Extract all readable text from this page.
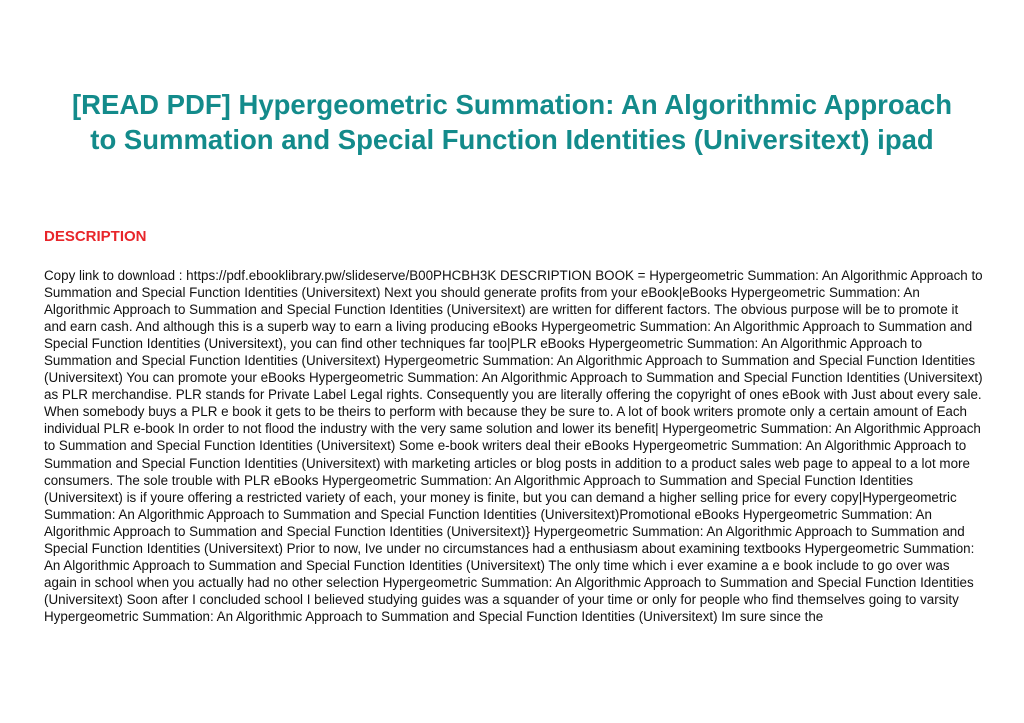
[READ PDF] Hypergeometric Summation: An Algorithmic Approach to Summation and Special Function Identities (Universitext) ipad
DESCRIPTION

Copy link to download : https://pdf.ebooklibrary.pw/slideserve/B00PHCBH3K DESCRIPTION BOOK = Hypergeometric Summation: An Algorithmic Approach to Summation and Special Function Identities (Universitext) Next you should generate profits from your eBook|eBooks Hypergeometric Summation: An Algorithmic Approach to Summation and Special Function Identities (Universitext) are written for different factors. The obvious purpose will be to promote it and earn cash. And although this is a superb way to earn a living producing eBooks Hypergeometric Summation: An Algorithmic Approach to Summation and Special Function Identities (Universitext), you can find other techniques far too|PLR eBooks Hypergeometric Summation: An Algorithmic Approach to Summation and Special Function Identities (Universitext) Hypergeometric Summation: An Algorithmic Approach to Summation and Special Function Identities (Universitext) You can promote your eBooks Hypergeometric Summation: An Algorithmic Approach to Summation and Special Function Identities (Universitext) as PLR merchandise. PLR stands for Private Label Legal rights. Consequently you are literally offering the copyright of ones eBook with Just about every sale. When somebody buys a PLR e book it gets to be theirs to perform with because they be sure to. A lot of book writers promote only a certain amount of Each individual PLR e-book In order to not flood the industry with the very same solution and lower its benefit| Hypergeometric Summation: An Algorithmic Approach to Summation and Special Function Identities (Universitext) Some e-book writers deal their eBooks Hypergeometric Summation: An Algorithmic Approach to Summation and Special Function Identities (Universitext) with marketing articles or blog posts in addition to a product sales web page to appeal to a lot more consumers. The sole trouble with PLR eBooks Hypergeometric Summation: An Algorithmic Approach to Summation and Special Function Identities (Universitext) is if youre offering a restricted variety of each, your money is finite, but you can demand a higher selling price for every copy|Hypergeometric Summation: An Algorithmic Approach to Summation and Special Function Identities (Universitext)Promotional eBooks Hypergeometric Summation: An Algorithmic Approach to Summation and Special Function Identities (Universitext)} Hypergeometric Summation: An Algorithmic Approach to Summation and Special Function Identities (Universitext) Prior to now, Ive under no circumstances had a enthusiasm about examining textbooks Hypergeometric Summation: An Algorithmic Approach to Summation and Special Function Identities (Universitext) The only time which i ever examine a e book include to go over was again in school when you actually had no other selection Hypergeometric Summation: An Algorithmic Approach to Summation and Special Function Identities (Universitext) Soon after I concluded school I believed studying guides was a squander of your time or only for people who find themselves going to varsity Hypergeometric Summation: An Algorithmic Approach to Summation and Special Function Identities (Universitext) Im sure since the
